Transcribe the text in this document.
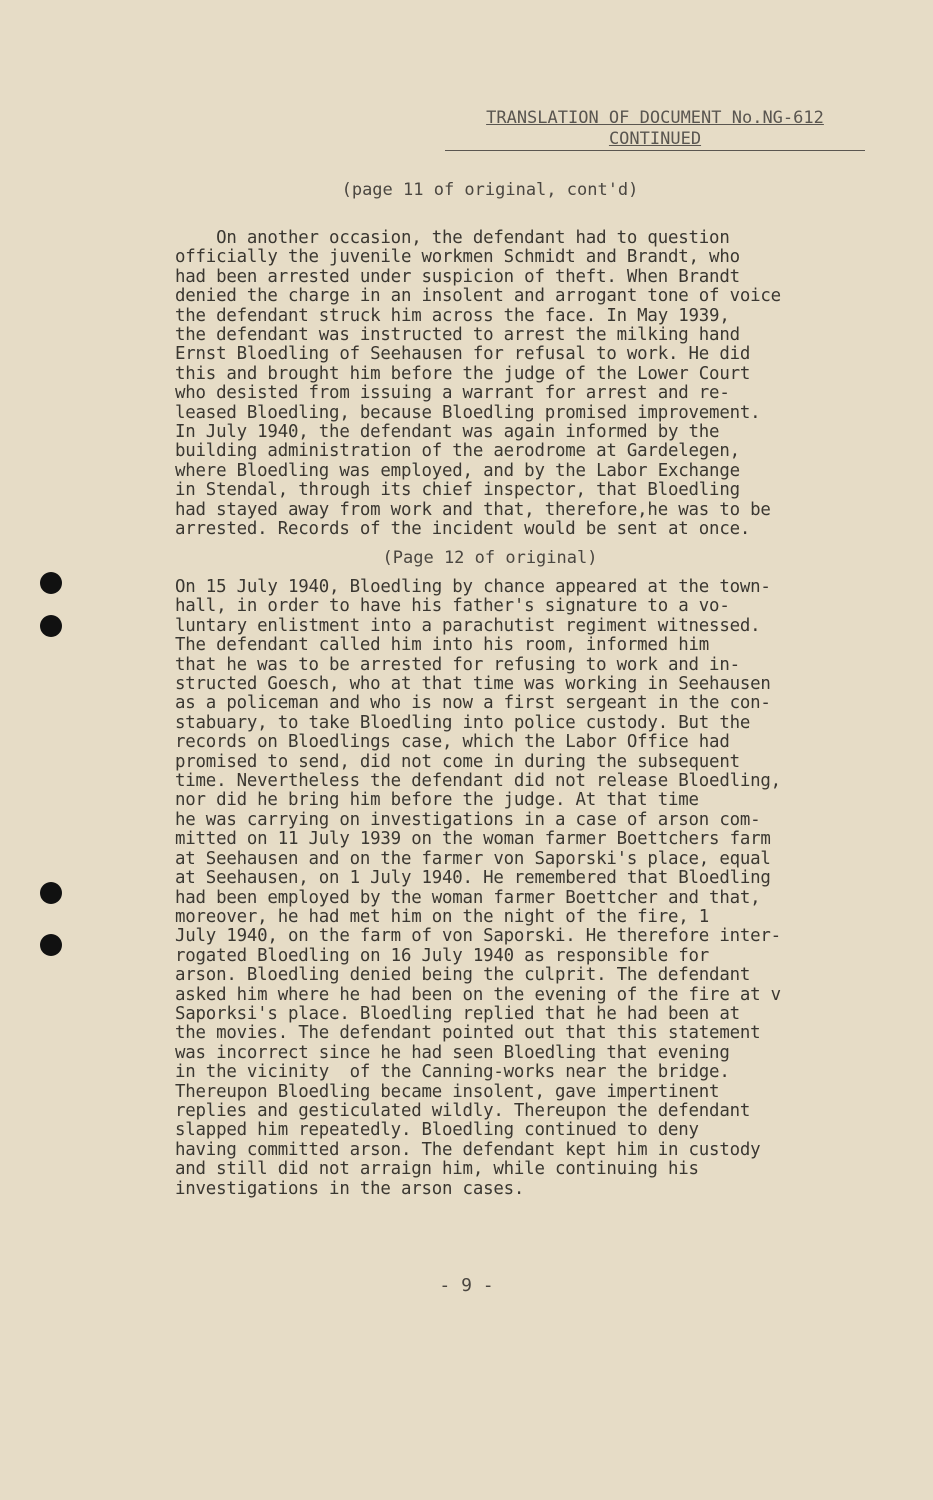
TRANSLATION OF DOCUMENT No.NG-612
CONTINUED
(page 11 of original, cont'd)
On another occasion, the defendant had to question
officially the juvenile workmen Schmidt and Brandt, who
had been arrested under suspicion of theft. When Brandt
denied the charge in an insolent and arrogant tone of voice
the defendant struck him across the face. In May 1939,
the defendant was instructed to arrest the milking hand
Ernst Bloedling of Seehausen for refusal to work. He did
this and brought him before the judge of the Lower Court
who desisted from issuing a warrant for arrest and re-
leased Bloedling, because Bloedling promised improvement.
In July 1940, the defendant was again informed by the
building administration of the aerodrome at Gardelegen,
where Bloedling was employed, and by the Labor Exchange
in Stendal, through its chief inspector, that Bloedling
had stayed away from work and that, therefore,he was to be
arrested. Records of the incident would be sent at once.
(Page 12 of original)
On 15 July 1940, Bloedling by chance appeared at the town-
hall, in order to have his father's signature to a vo-
luntary enlistment into a parachutist regiment witnessed.
The defendant called him into his room, informed him
that he was to be arrested for refusing to work and in-
structed Goesch, who at that time was working in Seehausen
as a policeman and who is now a first sergeant in the con-
stabuary, to take Bloedling into police custody. But the
records on Bloedlings case, which the Labor Office had
promised to send, did not come in during the subsequent
time. Nevertheless the defendant did not release Bloedling,
nor did he bring him before the judge. At that time
he was carrying on investigations in a case of arson com-
mitted on 11 July 1939 on the woman farmer Boettchers farm
at Seehausen and on the farmer von Saporski's place, equal
at Seehausen, on 1 July 1940. He remembered that Bloedling
had been employed by the woman farmer Boettcher and that,
moreover, he had met him on the night of the fire, 1
July 1940, on the farm of von Saporski. He therefore inter-
rogated Bloedling on 16 July 1940 as responsible for
arson. Bloedling denied being the culprit. The defendant
asked him where he had been on the evening of the fire at v
Saporksi's place. Bloedling replied that he had been at
the movies. The defendant pointed out that this statement
was incorrect since he had seen Bloedling that evening
in the vicinity  of the Canning-works near the bridge.
Thereupon Bloedling became insolent, gave impertinent
replies and gesticulated wildly. Thereupon the defendant
slapped him repeatedly. Bloedling continued to deny
having committed arson. The defendant kept him in custody
and still did not arraign him, while continuing his
investigations in the arson cases.
- 9 -
